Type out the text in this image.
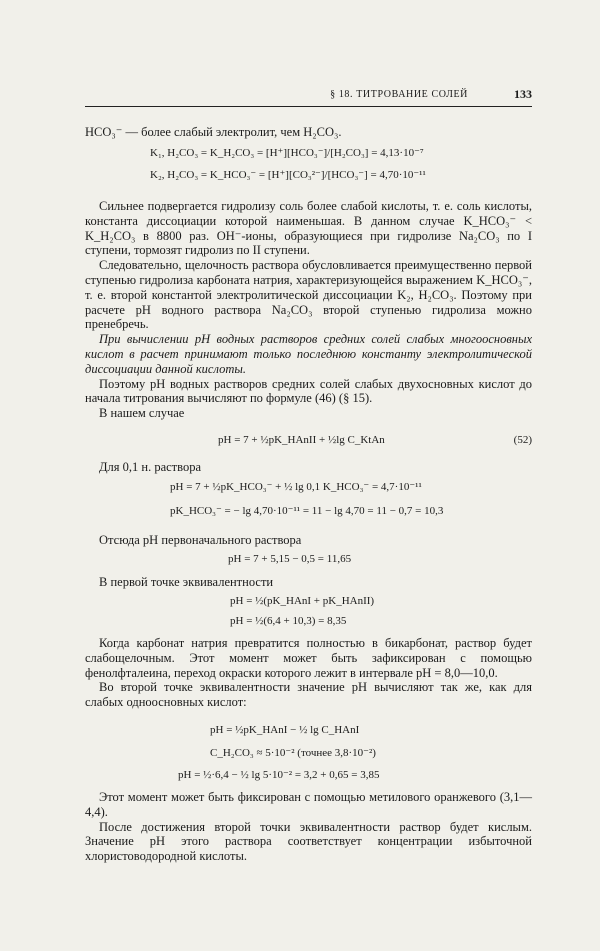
§ 18. ТИТРОВАНИЕ СОЛЕЙ	133

HCO₃⁻ — более слабый электролит, чем H₂CO₃.

K₁, H₂CO₃ = K_H₂CO₃ = [H⁺][HCO₃⁻]/[H₂CO₃] = 4,13·10⁻⁷
K₂, H₂CO₃ = K_HCO₃⁻ = [H⁺][CO₃²⁻]/[HCO₃⁻] = 4,70·10⁻¹¹

Сильнее подвергается гидролизу соль более слабой кислоты, т. е. соль кислоты, константа диссоциации которой наименьшая. В данном случае K_HCO₃⁻ < K_H₂CO₃ в 8800 раз. OH⁻-ионы, образующиеся при гидролизе Na₂CO₃ по I ступени, тормозят гидролиз по II ступени.

Следовательно, щелочность раствора обусловливается преимущественно первой ступенью гидролиза карбоната натрия, характеризующейся выражением K_HCO₃⁻, т. е. второй константой электролитической диссоциации K₂, H₂CO₃. Поэтому при расчете pH водного раствора Na₂CO₃ второй ступенью гидролиза можно пренебречь.

При вычислении pH водных растворов средних солей слабых многоосновных кислот в расчет принимают только последнюю константу электролитической диссоциации данной кислоты.

Поэтому pH водных растворов средних солей слабых двухосновных кислот до начала титрования вычисляют по формуле (46) (§ 15).

В нашем случае

pH = 7 + ½pK_HAnII + ½lg C_KtAn	(52)

Для 0,1 н. раствора

pH = 7 + ½pK_HCO₃⁻ + ½ lg 0,1 K_HCO₃⁻ = 4,7·10⁻¹¹
pK_HCO₃⁻ = − lg 4,70·10⁻¹¹ = 11 − lg 4,70 = 11 − 0,7 = 10,3

Отсюда pH первоначального раствора

pH = 7 + 5,15 − 0,5 = 11,65

В первой точке эквивалентности

pH = ½(pK_HAnI + pK_HAnII)
pH = ½(6,4 + 10,3) = 8,35

Когда карбонат натрия превратится полностью в бикарбонат, раствор будет слабощелочным. Этот момент может быть зафиксирован с помощью фенолфталеина, переход окраски которого лежит в интервале pH = 8,0—10,0.

Во второй точке эквивалентности значение pH вычисляют так же, как для слабых одноосновных кислот:

pH = ½pK_HAnI − ½ lg C_HAnI
C_H₂CO₃ ≈ 5·10⁻² (точнее 3,8·10⁻²)
pH = ½·6,4 − ½ lg 5·10⁻² = 3,2 + 0,65 = 3,85

Этот момент может быть фиксирован с помощью метилового оранжевого (3,1—4,4).

После достижения второй точки эквивалентности раствор будет кислым. Значение pH этого раствора соответствует концентрации избыточной хлористоводородной кислоты.
